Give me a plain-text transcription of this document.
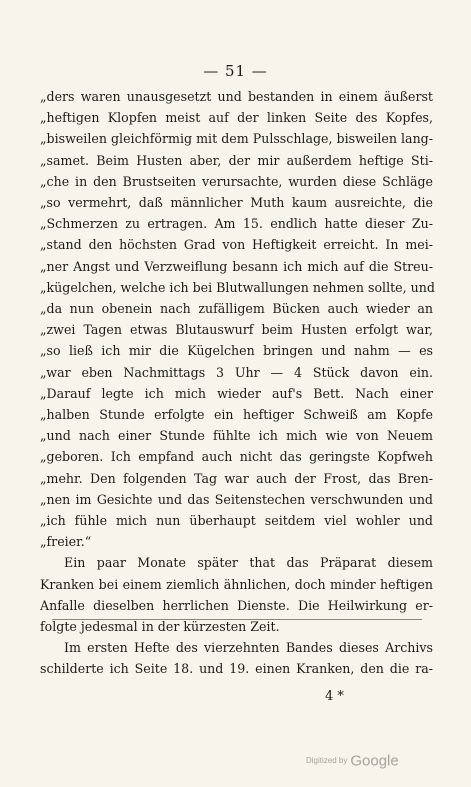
— 51 —
„ders waren unausgesetzt und bestanden in einem äußerst
„heftigen Klopfen meist auf der linken Seite des Kopfes,
„bisweilen gleichförmig mit dem Pulsschlage, bisweilen lang-
„samet. Beim Husten aber, der mir außerdem heftige Sti-
„che in den Brustseiten verursachte, wurden diese Schläge
„so vermehrt, daß männlicher Muth kaum ausreichte, die
„Schmerzen zu ertragen. Am 15. endlich hatte dieser Zu-
„stand den höchsten Grad von Heftigkeit erreicht. In mei-
„ner Angst und Verzweiflung besann ich mich auf die Streu-
„kügelchen, welche ich bei Blutwallungen nehmen sollte, und
„da nun obenein nach zufälligem Bücken auch wieder an
„zwei Tagen etwas Blutauswurf beim Husten erfolgt war,
„so ließ ich mir die Kügelchen bringen und nahm — es
„war eben Nachmittags 3 Uhr — 4 Stück davon ein.
„Darauf legte ich mich wieder auf's Bett. Nach einer
„halben Stunde erfolgte ein heftiger Schweiß am Kopfe
„und nach einer Stunde fühlte ich mich wie von Neuem
„geboren. Ich empfand auch nicht das geringste Kopfweh
„mehr. Den folgenden Tag war auch der Frost, das Bren-
„nen im Gesichte und das Seitenstechen verschwunden und
„ich fühle mich nun überhaupt seitdem viel wohler und
„freier.“
Ein paar Monate später that das Präparat diesem
Kranken bei einem ziemlich ähnlichen, doch minder heftigen
Anfalle dieselben herrlichen Dienste. Die Heilwirkung er-
folgte jedesmal in der kürzesten Zeit.
Im ersten Hefte des vierzehnten Bandes dieses Archivs
schilderte ich Seite 18. und 19. einen Kranken, den die ra-
4 *
Digitized by Google
